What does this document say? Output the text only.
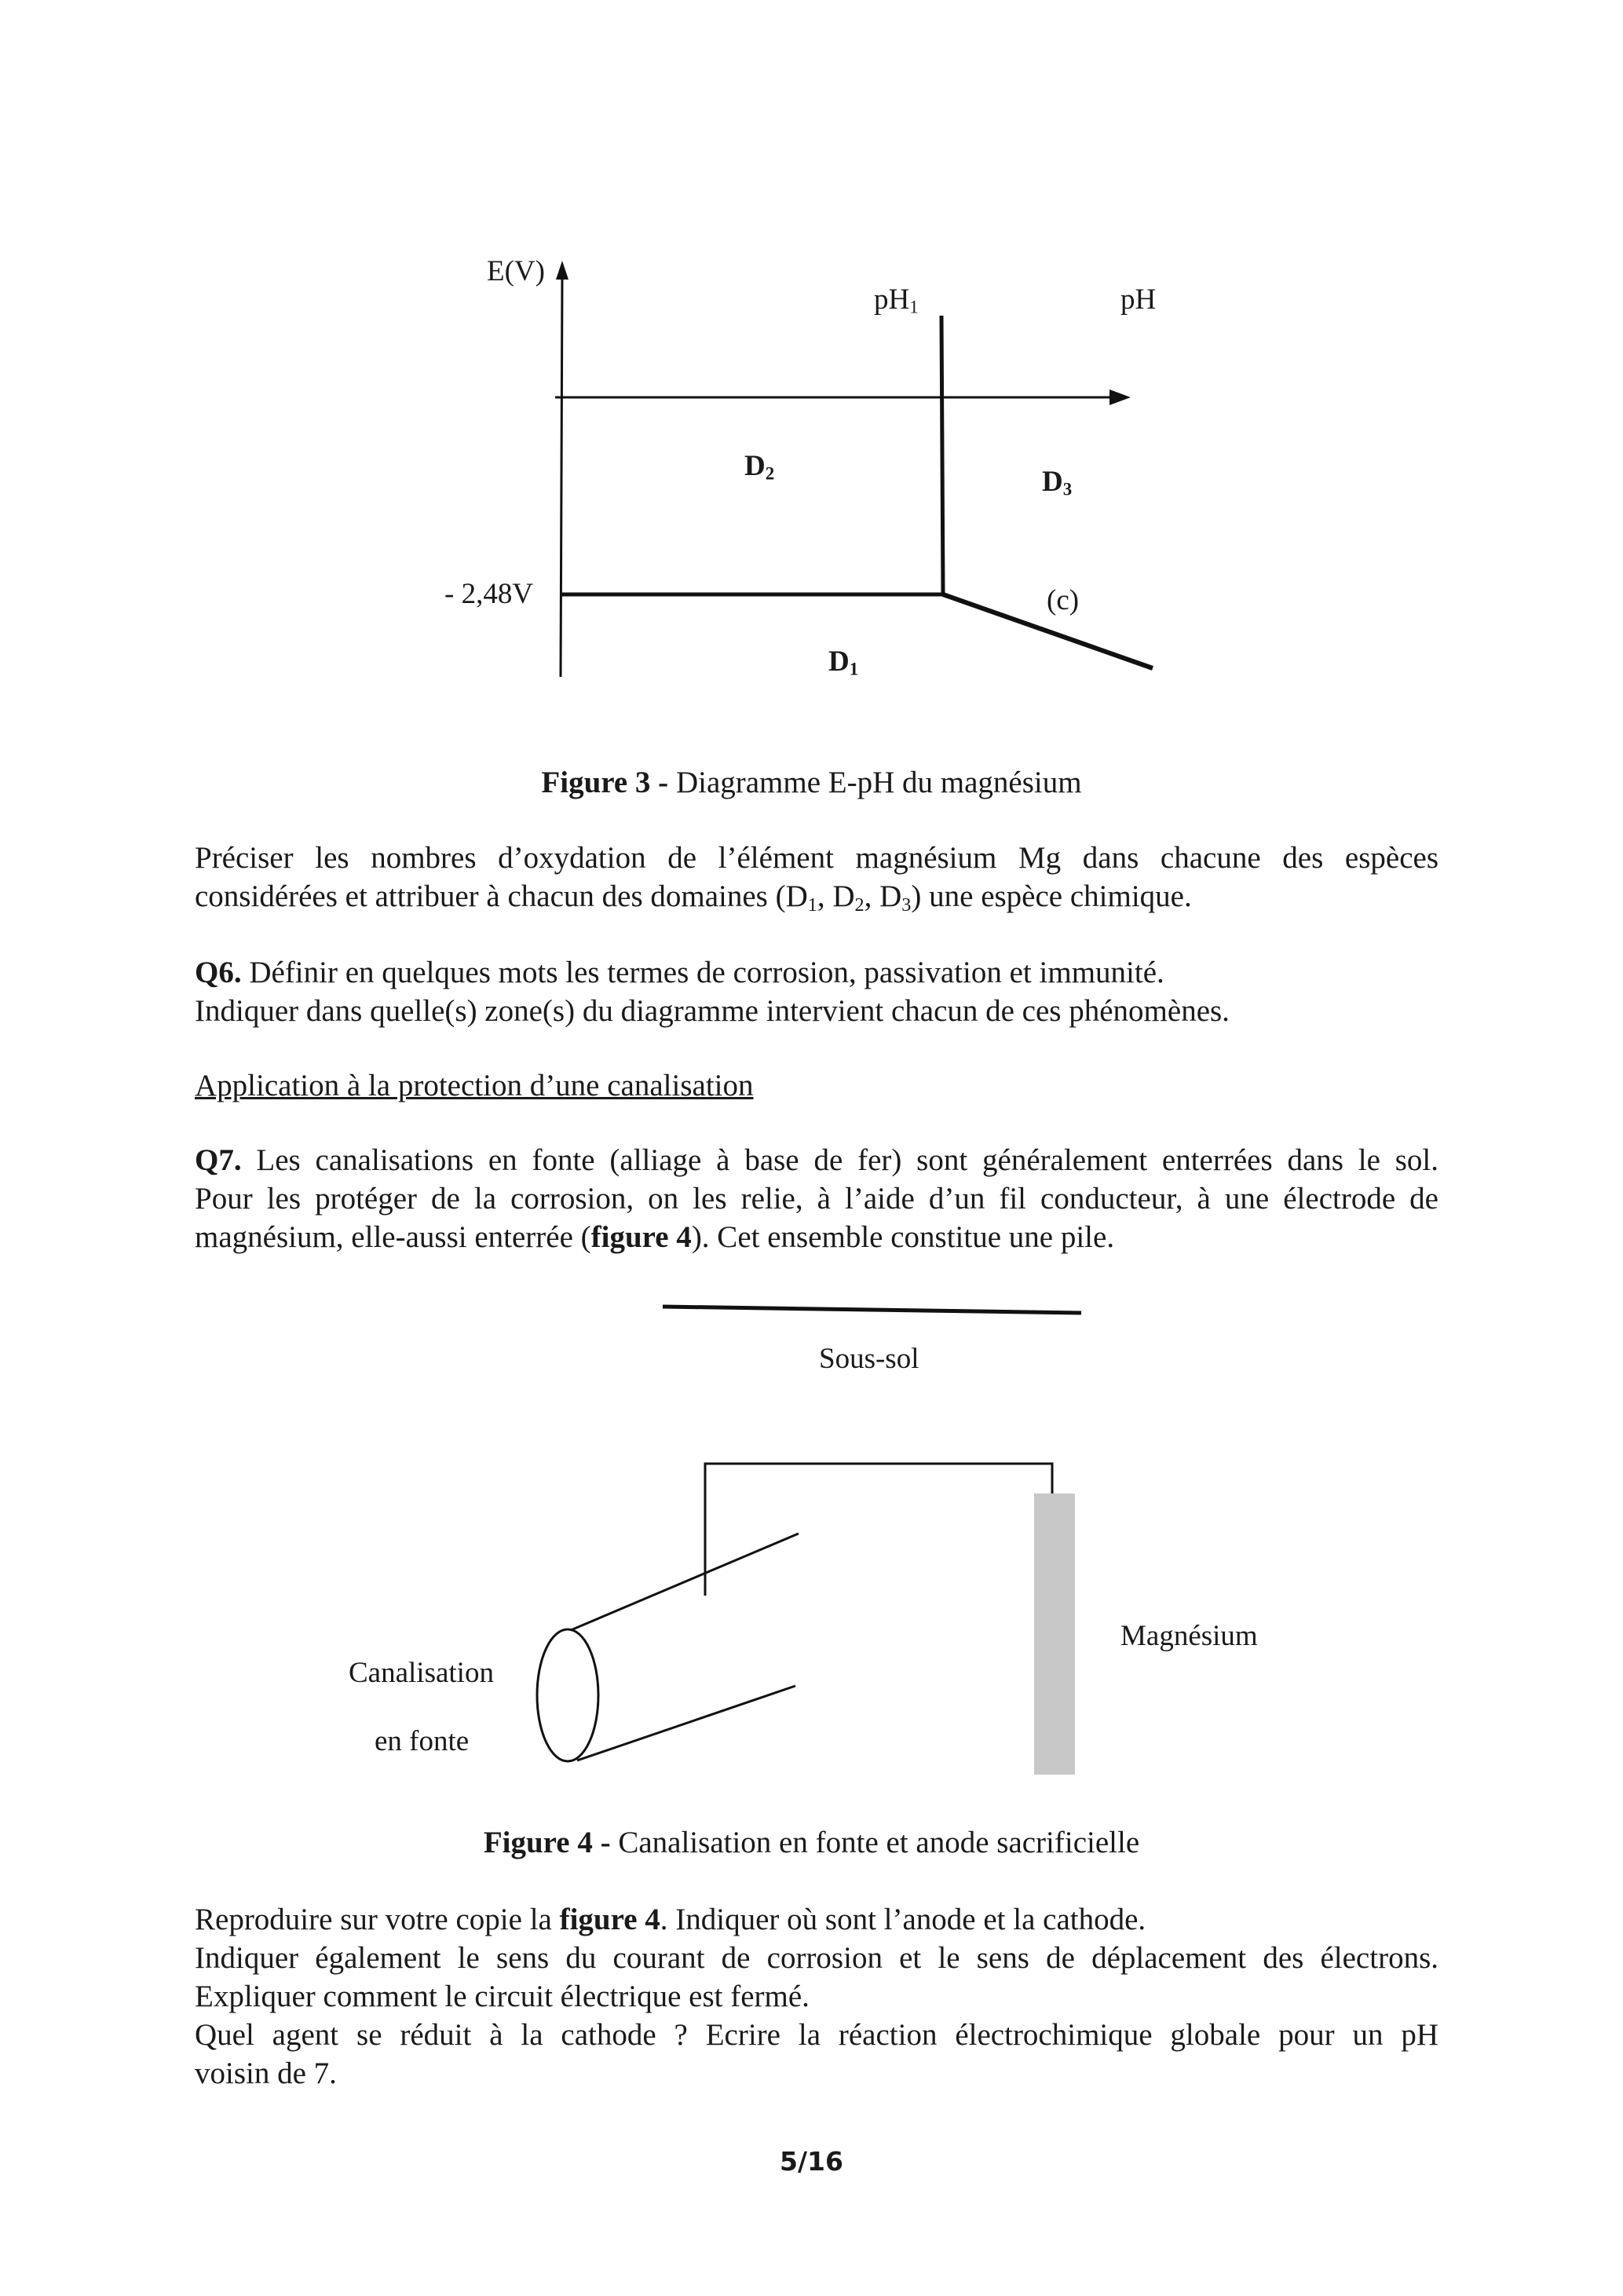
E(V)
$pH_1$	pH
$D_2$	$D_3$
- 2,48V	(c)
$D_1$
Figure 3 - Diagramme E-pH du magnésium
Préciser les nombres d’oxydation de l’élément magnésium Mg dans chacune des espèces
considérées et attribuer à chacun des domaines ($D_1$, $D_2$, $D_3$) une espèce chimique.
Q6. Définir en quelques mots les termes de corrosion, passivation et immunité.
Indiquer dans quelle(s) zone(s) du diagramme intervient chacun de ces phénomènes.
Application à la protection d’une canalisation
Q7. Les canalisations en fonte (alliage à base de fer) sont généralement enterrées dans le sol.
Pour les protéger de la corrosion, on les relie, à l’aide d’un fil conducteur, à une électrode de
magnésium, elle-aussi enterrée (figure 4). Cet ensemble constitue une pile.
Sous-sol
Magnésium
Canalisation
en fonte
Figure 4 - Canalisation en fonte et anode sacrificielle
Reproduire sur votre copie la figure 4. Indiquer où sont l’anode et la cathode.
Indiquer également le sens du courant de corrosion et le sens de déplacement des électrons.
Expliquer comment le circuit électrique est fermé.
Quel agent se réduit à la cathode ? Ecrire la réaction électrochimique globale pour un pH
voisin de 7.
5/16
